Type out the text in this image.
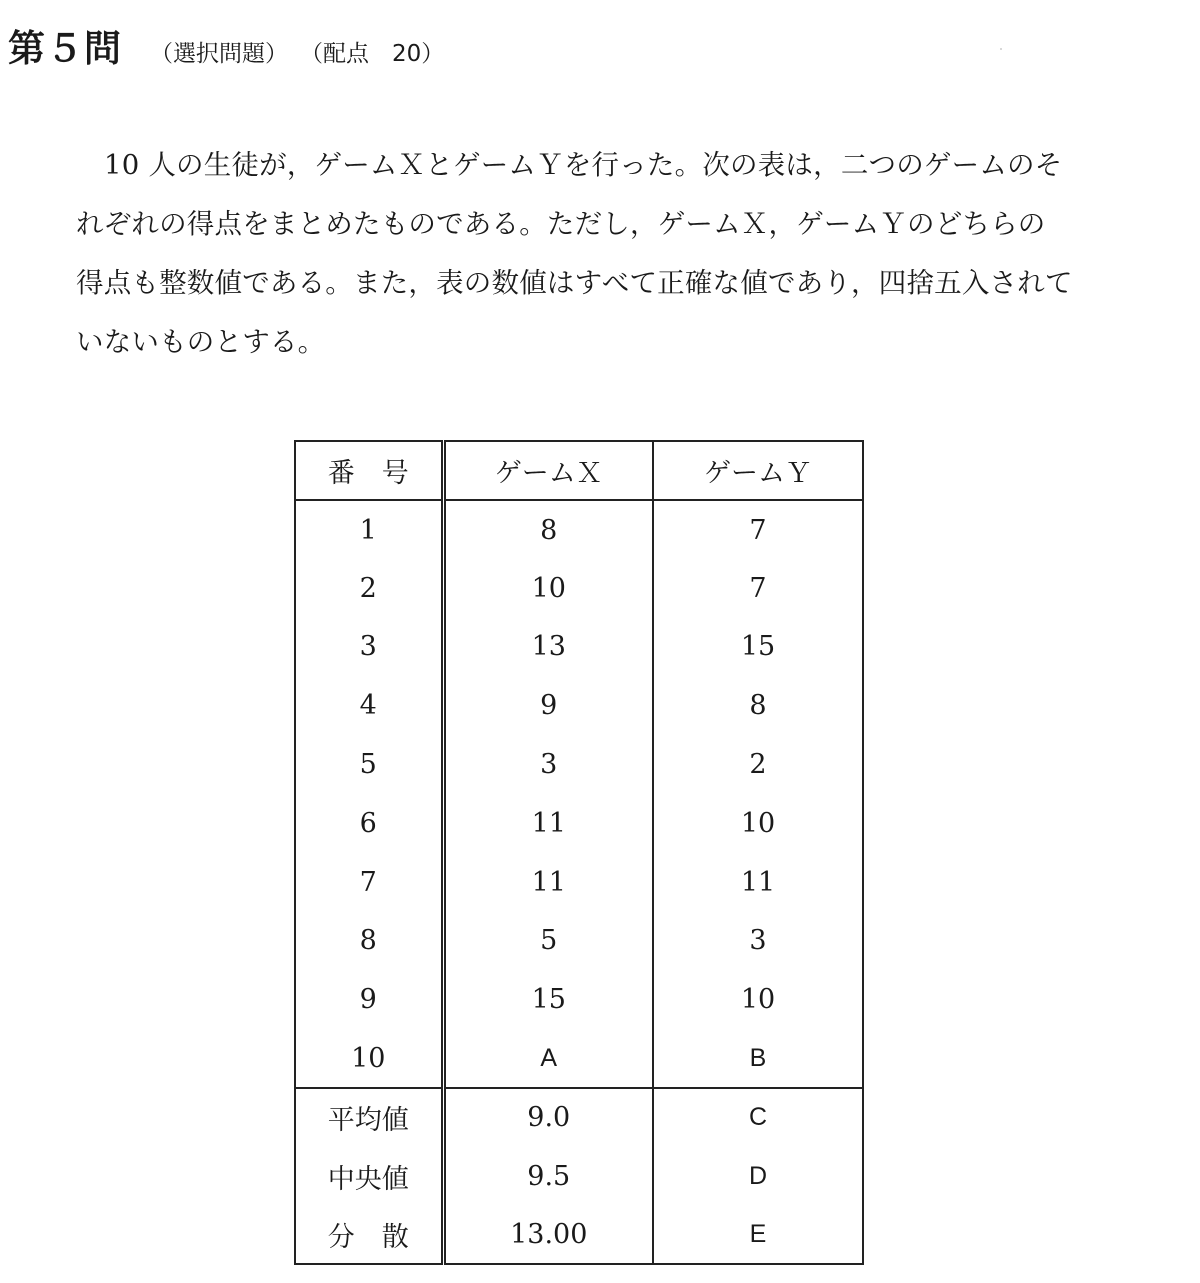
第５問 （選択問題） （配点　20）
10 人の生徒が，ゲームＸとゲームＹを行った。次の表は，二つのゲームのそ
れぞれの得点をまとめたものである。ただし，ゲームＸ，ゲームＹのどちらの
得点も整数値である。また，表の数値はすべて正確な値であり，四捨五入されて
いないものとする。
番　号	ゲームＸ	ゲームＹ
1	8	7
2	10	7
3	13	15
4	9	8
5	3	2
6	11	10
7	11	11
8	5	3
9	15	10
10	A	B
平均値	9.0	C
中央値	9.5	D
分　散	13.00	E
